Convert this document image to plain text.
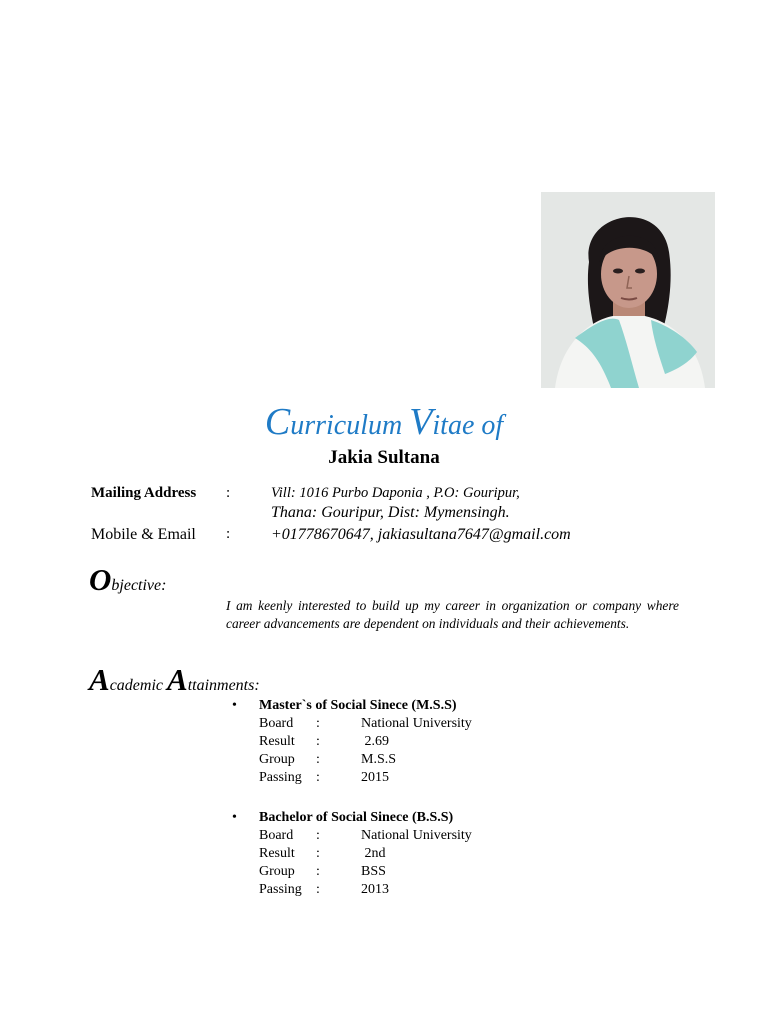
Curriculum Vitae of
Jakia Sultana
Mailing Address :	Vill: 1016 Purbo Daponia , P.O: Gouripur,
Thana: Gouripur, Dist: Mymensingh.
Mobile & Email :	+01778670647, jakiasultana7647@gmail.com
Objective:
I am keenly interested to build up my career in organization or company where career advancements are dependent on individuals and their achievements.
Academic Attainments:
• Master`s of Social Sinece (M.S.S)
Board :	National University
Result :	2.69
Group :	M.S.S
Passing :	2015
• Bachelor of Social Sinece (B.S.S)
Board :	National University
Result :	2nd
Group :	BSS
Passing :	2013
